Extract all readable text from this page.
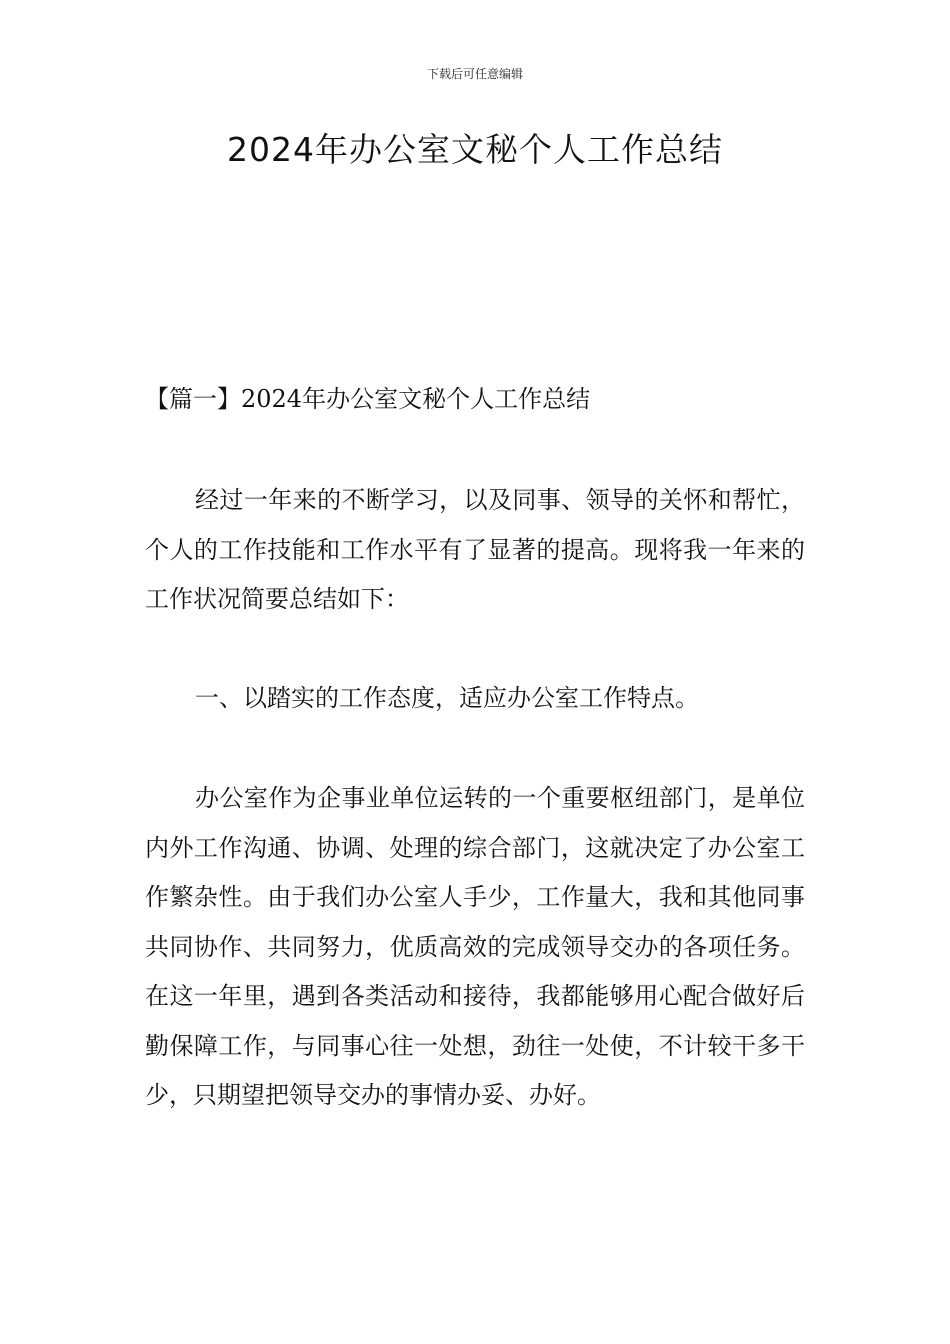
下载后可任意编辑
2024年办公室文秘个人工作总结
【篇一】2024年办公室文秘个人工作总结

经过一年来的不断学习，以及同事、领导的关怀和帮忙，个人的工作技能和工作水平有了显著的提高。现将我一年来的工作状况简要总结如下：

一、以踏实的工作态度，适应办公室工作特点。

办公室作为企事业单位运转的一个重要枢纽部门，是单位内外工作沟通、协调、处理的综合部门，这就决定了办公室工作繁杂性。由于我们办公室人手少，工作量大，我和其他同事共同协作、共同努力，优质高效的完成领导交办的各项任务。在这一年里，遇到各类活动和接待，我都能够用心配合做好后勤保障工作，与同事心往一处想，劲往一处使，不计较干多干少，只期望把领导交办的事情办妥、办好。
